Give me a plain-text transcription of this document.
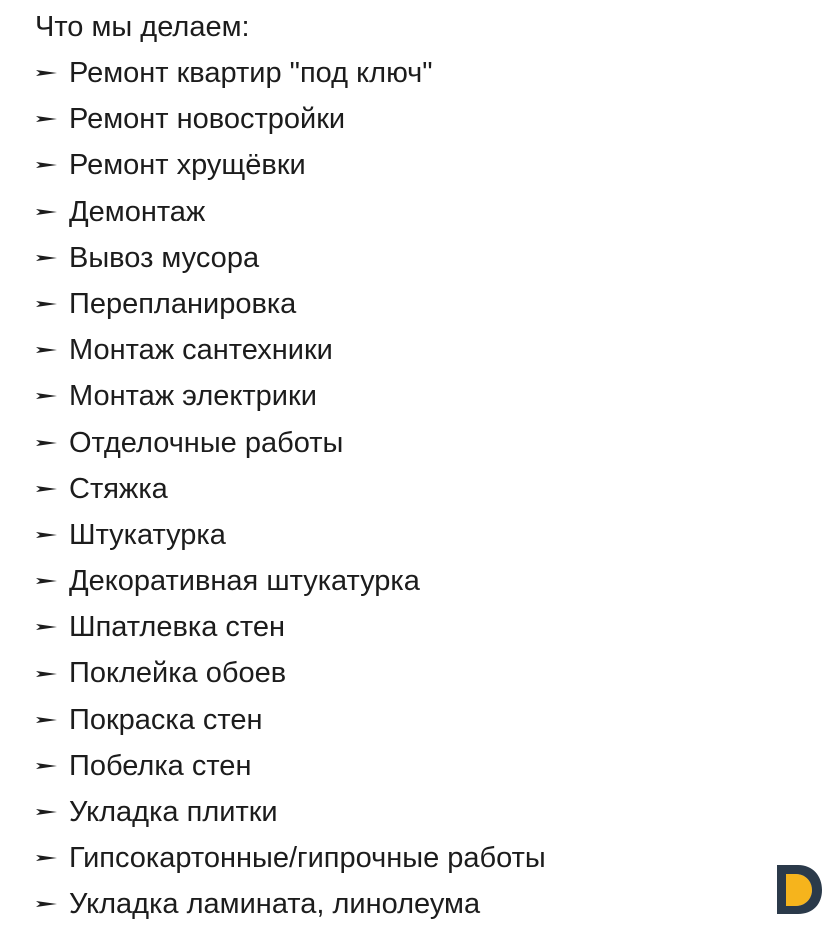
Что мы делаем:
Ремонт квартир "под ключ"
Ремонт новостройки
Ремонт хрущёвки
Демонтаж
Вывоз мусора
Перепланировка
Монтаж сантехники
Монтаж электрики
Отделочные работы
Стяжка
Штукатурка
Декоративная штукатурка
Шпатлевка стен
Поклейка обоев
Покраска стен
Побелка стен
Укладка плитки
Гипсокартонные/гипрочные работы
Укладка ламината, линолеума
